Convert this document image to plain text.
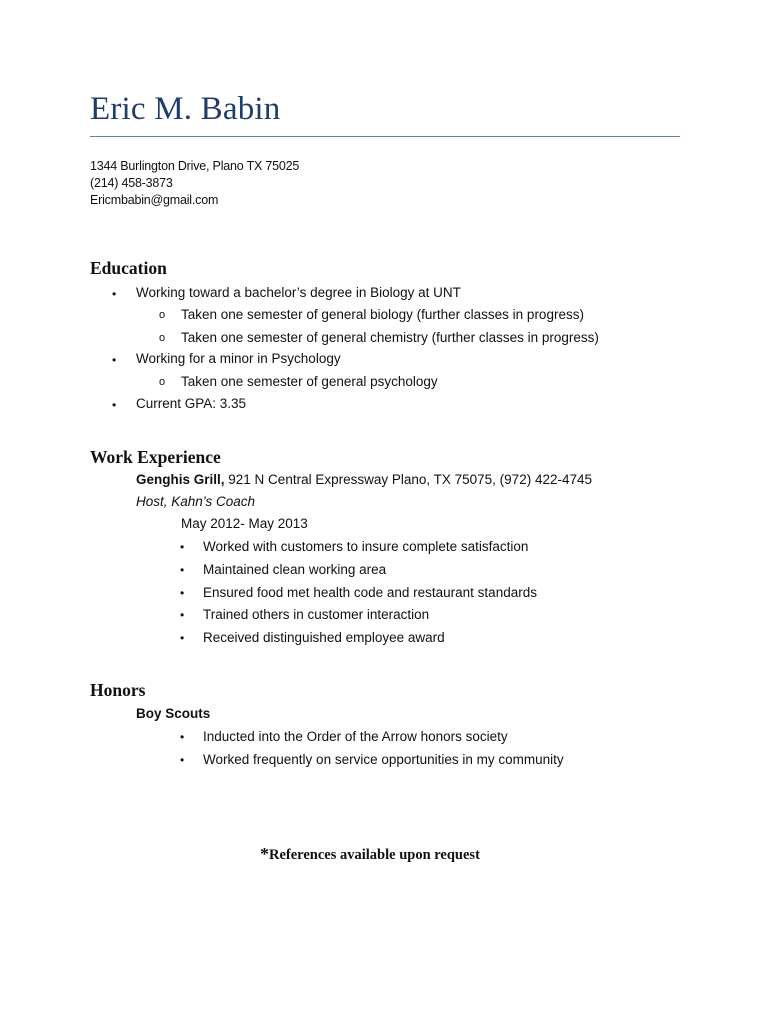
Eric M. Babin
1344 Burlington Drive, Plano TX 75025
(214) 458-3873
Ericmbabin@gmail.com
Education
• Working toward a bachelor’s degree in Biology at UNT
o Taken one semester of general biology (further classes in progress)
o Taken one semester of general chemistry (further classes in progress)
• Working for a minor in Psychology
o Taken one semester of general psychology
• Current GPA: 3.35
Work Experience
Genghis Grill, 921 N Central Expressway Plano, TX 75075, (972) 422-4745
Host, Kahn’s Coach
May 2012- May 2013
• Worked with customers to insure complete satisfaction
• Maintained clean working area
• Ensured food met health code and restaurant standards
• Trained others in customer interaction
• Received distinguished employee award
Honors
Boy Scouts
• Inducted into the Order of the Arrow honors society
• Worked frequently on service opportunities in my community
*References available upon request
